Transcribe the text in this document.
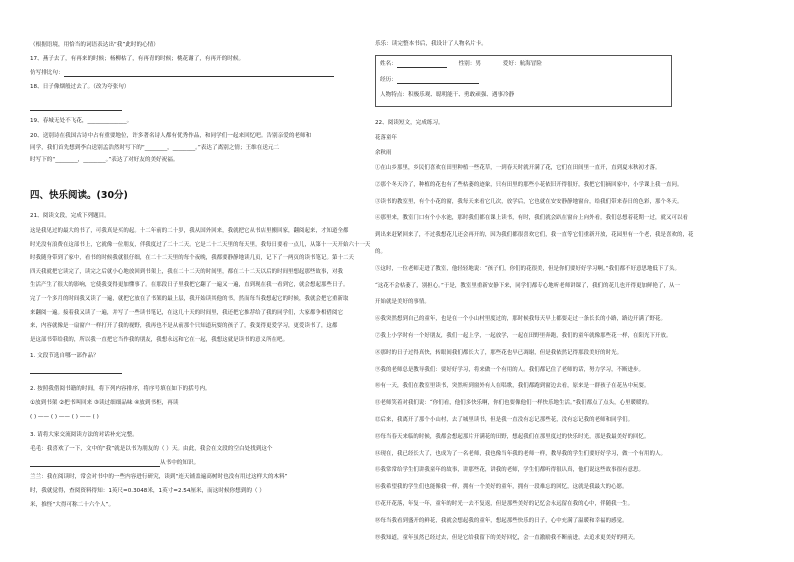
（根据语境，用恰当的词语表达出“我”此时的心情）
17、燕子去了，有再来的时候；杨柳枯了，有再青的时候；桃花谢了，有再开的时候。
仿写排比句：
18、日子像烟般过去了。（改为夸张句）
19、春城无处不飞花，______________。
20、送别诗在我国古诗中占有重要地位，许多著名诗人都有优秀作品，和同学们一起来回忆吧。告别亲爱的老师和
同学，我们首先想到李白送别孟浩然时写下的“________，________。”表达了离别之情；王维在送元二
时写下的“________，________。”表达了对好友的美好祝福。
四、快乐阅读。(30分)
21、阅读文段，完成下列题目。
这是我见过的最大的书了，可我真是买的起。十二年前的二十岁，我从国外回来，我就把它从书店里搬回家，翻阅起来，才知道全都
时光没有浪费在这部书上，它就像一位朋友，伴我度过了二十二天。它是二十二天里的每天里，我每日要看一点儿，从第十一天开始六十一天
时我随身带到了家中，看书的时候我就很仔细，在二十二天里的每个夜晚，我都要静静地读几页，记下了一两页的读书笔记。第十二天
四天我就把它读完了，读完之后就小心地放回到书架上，我在二十二天的时间里，都在二十二天以后的时间里想起那些故事，对我
生活产生了很大的影响，它使我变得更加懂事了。在那段日子里我把它翻了一遍又一遍，直到现在我一看到它，就会想起那些日子。
完了一个多月的时间我又读了一遍，就把它放在了书架的最上层，我开始读其他的书，然而每当我想起它的时候，我就会把它重新取
来翻阅一遍。接着我又读了一遍，并写了一些读书笔记，在这几十天的时间里，我还把它推荐给了我的同学们，大家都争相借阅它
来，内容就像是一扇窗户一样打开了我的视野，我再也不是从前那个只知道玩耍的孩子了，我变得更爱学习，更爱读书了，这都
是这部书带给我的，所以我一直把它当作我的朋友，我想永远和它在一起，我想这就是读书的意义所在吧。
1. 文段节选自哪一部作品？
2. 按照我借阅书籍的时间，将下列内容排序，将序号填在如下的括号内。
①放到书架 ②把书叫回来 ③读过细细品味 ④放到书柜，再读
( ) —— ( ) —— ( ) —— ( )
3. 请将大家交流阅读方法的对话补充完整。
毛毛：我喜欢了一下，文中的“我”就是以书为朋友的（ ）天。由此，我会在文段的空白处找到这个
从书中的知识。
兰兰：我在阅读时，常会对书中的一些内容进行研究，读到“连天铺盖遍高树时也没有用过这样大的木料”
时，我就觉得，查阅资料得知：1英尺=0.3048米，1英寸=2.54厘米，而这时候你想到的（ ）
米，推怪“大得可称二十六个人”。
乐乐：读完整本书后，我设计了人物名片卡。
姓名：	性别：男	爱好：航海冒险
经历：
人物特点：积极乐观、聪明能干、勇敢顽强、遇事冷静
22、阅读短文，完成练习。
花落童年
余秋雨
①在山乡那里，乡民们喜欢在田里种植一些花草，一到春天时就开满了花，它们在田间里一直开，直到夏末秋初才落。
②那个冬天冷了，种植的花也有了些枯萎的迹象，只有田里的那些小花依旧开得很好，我把它们摘回家中，小学课上我一直问。
③读书的教室里，有个小花的窗，我每天来看它几次，放学后，它也就在安安静静地窗台，给我们带来春日的色彩，那个冬天。
④那里来，教室门口有个小水池，那时我们都在课上读书，有时，我们就会趴在窗台上向外看，我们总想着花期一过，就又可以看
到出来赶紧回来了，不过我想花儿还会再开的，因为我们都很喜欢它们，我一直等它们重新开放，花园里有一个老，我是喜欢的，花
的。
⑤这时，一位老师走进了教室，他轻轻地说：“孩子们，你们的花很美，但是你们要好好学习啊。”我们都不好意思地低下了头。
“这花不会枯萎了，别担心。”于是，教室里重新安静下来，同学们都专心地听老师讲课了，我们的花儿也开得更加鲜艳了，从一
开始就是美好的事情。
⑥我突然想到自己的童年，也是在一个小山村里度过的，那时候我每天早上都要走过一条长长的小路，路边开满了野花。
⑦我上小学时有一个好朋友，我们一起上学，一起放学，一起在田野里奔跑，我们的童年就像那些花一样，在阳光下开放。
⑧那时的日子过得真快，转眼间我们都长大了，那些花也早已凋谢，但是我依然记得那段美好的时光。
⑨我的老师总是教导我们：要好好学习，将来做一个有用的人。我们都记住了老师的话，努力学习，不断进步。
⑩有一天，我们在教室里读书，突然听到窗外有人在唱歌，我们都跑到窗边去看，原来是一群孩子在花丛中玩耍。
⑪老师笑着对我们说：“你们看，他们多快乐啊，你们也要像他们一样快乐地生活。”我们都点了点头，心里暖暖的。
⑫后来，我离开了那个小山村，去了城里读书，但是我一直没有忘记那些花，没有忘记我的老师和同学们。
⑬每当春天来临的时候，我都会想起那片开满花的田野，想起我们在那里度过的快乐时光，那是我最美好的回忆。
⑭现在，我已经长大了，也成为了一名老师，我也像当年我的老师一样，教导我的学生们要好好学习，做一个有用的人。
⑮我常常给学生们讲我童年的故事，讲那些花，讲我的老师，学生们都听得很认真，他们说这些故事很有意思。
⑯我希望我的学生们也能像我一样，拥有一个美好的童年，拥有一段难忘的回忆，这就是我最大的心愿。
⑰花开花落，年复一年，童年的时光一去不复返，但是那些美好的记忆会永远留在我的心中，伴随我一生。
⑱每当我看到盛开的鲜花，我就会想起我的童年，想起那些快乐的日子，心中充满了温暖和幸福的感觉。
⑲我知道，童年虽然已经过去，但是它给我留下的美好回忆，会一直激励我不断前进，去追求更美好的明天。
